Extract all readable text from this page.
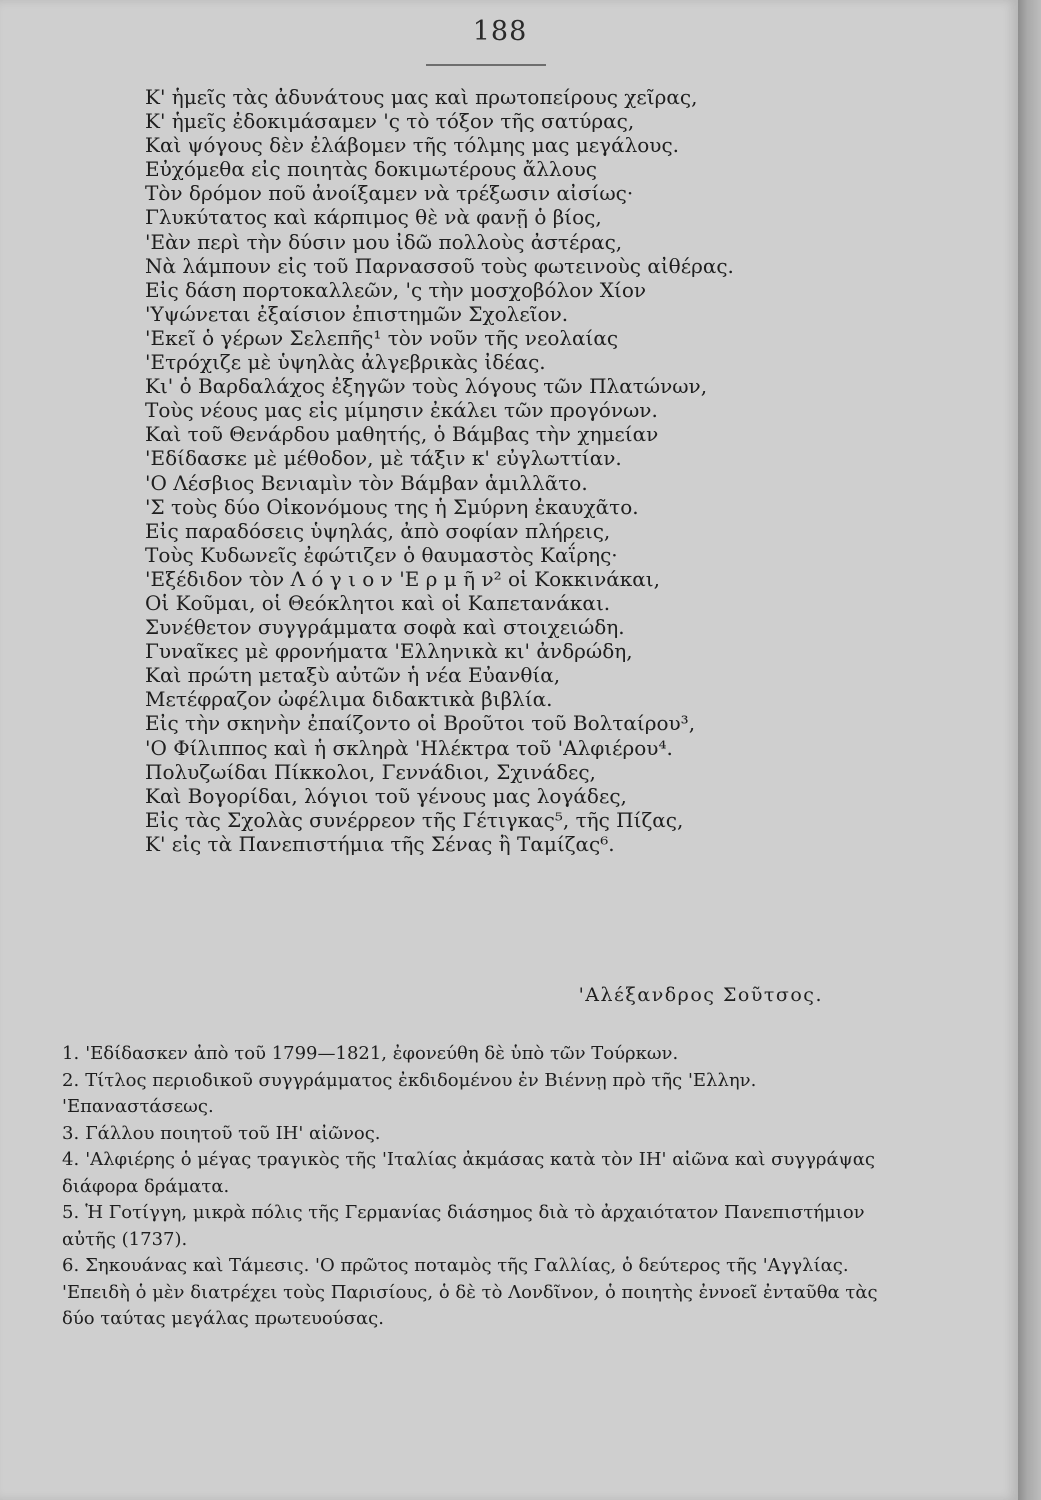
188
Κ' ἡμεῖς τὰς ἀδυνάτους μας καὶ πρωτοπείρους χεῖρας,
Κ' ἡμεῖς ἐδοκιμάσαμεν 'ς τὸ τόξον τῆς σατύρας,
Καὶ ψόγους δὲν ἐλάβομεν τῆς τόλμης μας μεγάλους.
Εὐχόμεθα εἰς ποιητὰς δοκιμωτέρους ἄλλους
Τὸν δρόμον ποῦ ἀνοίξαμεν νὰ τρέξωσιν αἰσίως·
Γλυκύτατος καὶ κάρπιμος θὲ νὰ φανῇ ὁ βίος,
'Εὰν περὶ τὴν δύσιν μου ἰδῶ πολλοὺς ἀστέρας,
Νὰ λάμπουν εἰς τοῦ Παρνασσοῦ τοὺς φωτεινοὺς αἰθέρας.
Εἰς δάση πορτοκαλλεῶν, 'ς τὴν μοσχοβόλον Χίον
'Υψώνεται ἐξαίσιον ἐπιστημῶν Σχολεῖον.
'Εκεῖ ὁ γέρων Σελεπῆς¹ τὸν νοῦν τῆς νεολαίας
'Ετρόχιζε μὲ ὑψηλὰς ἀλγεβρικὰς ἰδέας.
Κι' ὁ Βαρδαλάχος ἐξηγῶν τοὺς λόγους τῶν Πλατώνων,
Τοὺς νέους μας εἰς μίμησιν ἐκάλει τῶν προγόνων.
Καὶ τοῦ Θενάρδου μαθητής, ὁ Βάμβας τὴν χημείαν
'Εδίδασκε μὲ μέθοδον, μὲ τάξιν κ' εὐγλωττίαν.
'Ο Λέσβιος Βενιαμὶν τὸν Βάμβαν ἁμιλλᾶτο.
'Σ τοὺς δύο Οἰκονόμους της ἡ Σμύρνη ἐκαυχᾶτο.
Εἰς παραδόσεις ὑψηλάς, ἀπὸ σοφίαν πλήρεις,
Τοὺς Κυδωνεῖς ἐφώτιζεν ὁ θαυμαστὸς Καΐρης·
'Εξέδιδον τὸν Λ ό γ ι ο ν 'Ε ρ μ ῆ ν² οἱ Κοκκινάκαι,
Οἱ Κοῦμαι, οἱ Θεόκλητοι καὶ οἱ Καπετανάκαι.
Συνέθετον συγγράμματα σοφὰ καὶ στοιχειώδη.
Γυναῖκες μὲ φρονήματα 'Ελληνικὰ κι' ἀνδρώδη,
Καὶ πρώτη μεταξὺ αὐτῶν ἡ νέα Εὐανθία,
Μετέφραζον ὠφέλιμα διδακτικὰ βιβλία.
Εἰς τὴν σκηνὴν ἐπαίζοντο οἱ Βροῦτοι τοῦ Βολταίρου³,
'Ο Φίλιππος καὶ ἡ σκληρὰ 'Ηλέκτρα τοῦ 'Αλφιέρου⁴.
Πολυζωίδαι Πίκκολοι, Γεννάδιοι, Σχινάδες,
Καὶ Βογορίδαι, λόγιοι τοῦ γένους μας λογάδες,
Εἰς τὰς Σχολὰς συνέρρεον τῆς Γέτιγκας⁵, τῆς Πίζας,
Κ' εἰς τὰ Πανεπιστήμια τῆς Σένας ἢ Ταμίζας⁶.
'Αλέξανδρος Σοῦτσος.
1. 'Εδίδασκεν ἀπὸ τοῦ 1799—1821, ἐφονεύθη δὲ ὑπὸ τῶν Τούρκων.
2. Τίτλος περιοδικοῦ συγγράμματος ἐκδιδομένου ἐν Βιέννῃ πρὸ τῆς 'Ελλην. 'Επαναστάσεως.
3. Γάλλου ποιητοῦ τοῦ ΙΗ' αἰῶνος.
4. 'Αλφιέρης ὁ μέγας τραγικὸς τῆς 'Ιταλίας ἀκμάσας κατὰ τὸν ΙΗ' αἰῶνα καὶ συγγράψας διάφορα δράματα.
5. Ἡ Γοτίγγη, μικρὰ πόλις τῆς Γερμανίας διάσημος διὰ τὸ ἀρχαιότατον Πανεπιστήμιον αὐτῆς (1737).
6. Σηκουάνας καὶ Τάμεσις. 'Ο πρῶτος ποταμὸς τῆς Γαλλίας, ὁ δεύτερος τῆς 'Αγγλίας. 'Επειδὴ ὁ μὲν διατρέχει τοὺς Παρισίους, ὁ δὲ τὸ Λονδῖνον, ὁ ποιητὴς ἐννοεῖ ἐνταῦθα τὰς δύο ταύτας μεγάλας πρωτευούσας.
